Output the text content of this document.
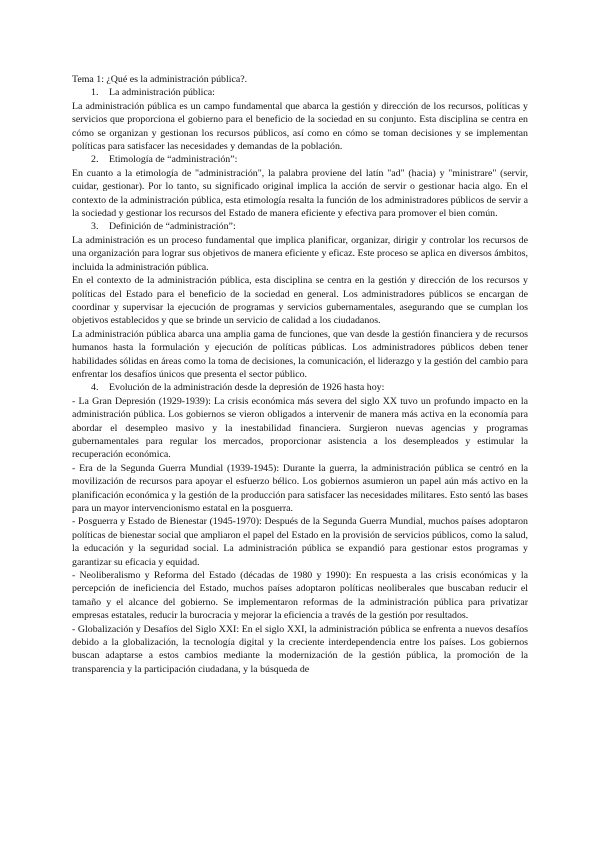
Tema 1: ¿Qué es la administración pública?.

1. La administración pública:

La administración pública es un campo fundamental que abarca la gestión y dirección de los recursos, políticas y servicios que proporciona el gobierno para el beneficio de la sociedad en su conjunto. Esta disciplina se centra en cómo se organizan y gestionan los recursos públicos, así como en cómo se toman decisiones y se implementan políticas para satisfacer las necesidades y demandas de la población.

2. Etimología de “administración”:

En cuanto a la etimología de "administración", la palabra proviene del latín "ad" (hacia) y "ministrare" (servir, cuidar, gestionar). Por lo tanto, su significado original implica la acción de servir o gestionar hacia algo. En el contexto de la administración pública, esta etimología resalta la función de los administradores públicos de servir a la sociedad y gestionar los recursos del Estado de manera eficiente y efectiva para promover el bien común.

3. Definición de “administración”:

La administración es un proceso fundamental que implica planificar, organizar, dirigir y controlar los recursos de una organización para lograr sus objetivos de manera eficiente y eficaz. Este proceso se aplica en diversos ámbitos, incluida la administración pública.

En el contexto de la administración pública, esta disciplina se centra en la gestión y dirección de los recursos y políticas del Estado para el beneficio de la sociedad en general. Los administradores públicos se encargan de coordinar y supervisar la ejecución de programas y servicios gubernamentales, asegurando que se cumplan los objetivos establecidos y que se brinde un servicio de calidad a los ciudadanos.

La administración pública abarca una amplia gama de funciones, que van desde la gestión financiera y de recursos humanos hasta la formulación y ejecución de políticas públicas. Los administradores públicos deben tener habilidades sólidas en áreas como la toma de decisiones, la comunicación, el liderazgo y la gestión del cambio para enfrentar los desafíos únicos que presenta el sector público.

4. Evolución de la administración desde la depresión de 1926 hasta hoy:

- La Gran Depresión (1929-1939): La crisis económica más severa del siglo XX tuvo un profundo impacto en la administración pública. Los gobiernos se vieron obligados a intervenir de manera más activa en la economía para abordar el desempleo masivo y la inestabilidad financiera. Surgieron nuevas agencias y programas gubernamentales para regular los mercados, proporcionar asistencia a los desempleados y estimular la recuperación económica.

- Era de la Segunda Guerra Mundial (1939-1945): Durante la guerra, la administración pública se centró en la movilización de recursos para apoyar el esfuerzo bélico. Los gobiernos asumieron un papel aún más activo en la planificación económica y la gestión de la producción para satisfacer las necesidades militares. Esto sentó las bases para un mayor intervencionismo estatal en la posguerra.

- Posguerra y Estado de Bienestar (1945-1970): Después de la Segunda Guerra Mundial, muchos países adoptaron políticas de bienestar social que ampliaron el papel del Estado en la provisión de servicios públicos, como la salud, la educación y la seguridad social. La administración pública se expandió para gestionar estos programas y garantizar su eficacia y equidad.

- Neoliberalismo y Reforma del Estado (décadas de 1980 y 1990): En respuesta a las crisis económicas y la percepción de ineficiencia del Estado, muchos países adoptaron políticas neoliberales que buscaban reducir el tamaño y el alcance del gobierno. Se implementaron reformas de la administración pública para privatizar empresas estatales, reducir la burocracia y mejorar la eficiencia a través de la gestión por resultados.

- Globalización y Desafíos del Siglo XXI: En el siglo XXI, la administración pública se enfrenta a nuevos desafíos debido a la globalización, la tecnología digital y la creciente interdependencia entre los países. Los gobiernos buscan adaptarse a estos cambios mediante la modernización de la gestión pública, la promoción de la transparencia y la participación ciudadana, y la búsqueda de
